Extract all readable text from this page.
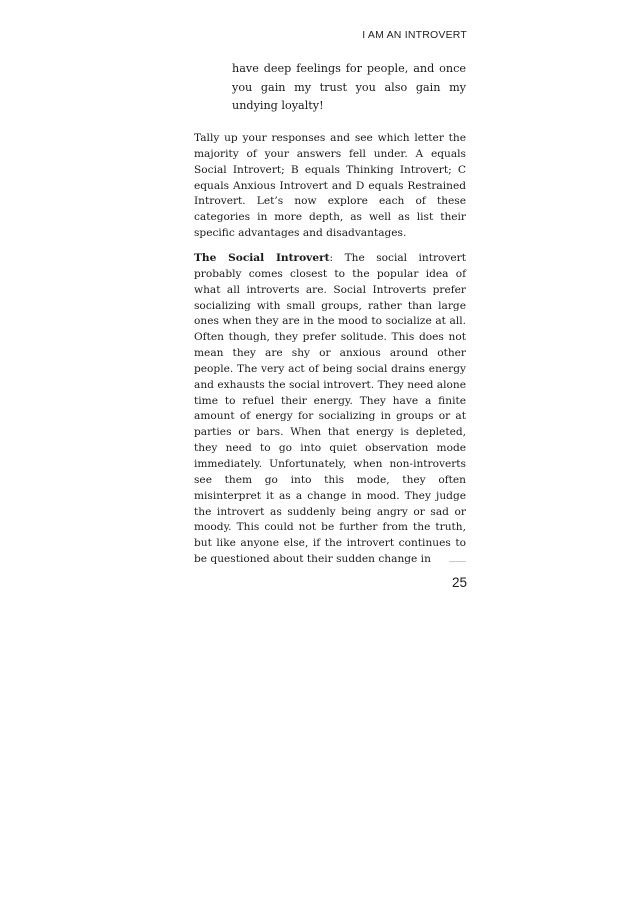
I AM AN INTROVERT
have deep feelings for people, and once you gain my trust you also gain my undying loyalty!

Tally up your responses and see which letter the majority of your answers fell under. A equals Social Introvert; B equals Thinking Introvert; C equals Anxious Introvert and D equals Restrained Introvert. Let’s now explore each of these categories in more depth, as well as list their specific advantages and disadvantages.

The Social Introvert: The social introvert probably comes closest to the popular idea of what all introverts are. Social Introverts prefer socializing with small groups, rather than large ones when they are in the mood to socialize at all. Often though, they prefer solitude. This does not mean they are shy or anxious around other people. The very act of being social drains energy and exhausts the social introvert. They need alone time to refuel their energy. They have a finite amount of energy for socializing in groups or at parties or bars. When that energy is depleted, they need to go into quiet observation mode immediately. Unfortunately, when non-introverts see them go into this mode, they often misinterpret it as a change in mood. They judge the introvert as suddenly being angry or sad or moody. This could not be further from the truth, but like anyone else, if the introvert continues to be questioned about their sudden change in

25
